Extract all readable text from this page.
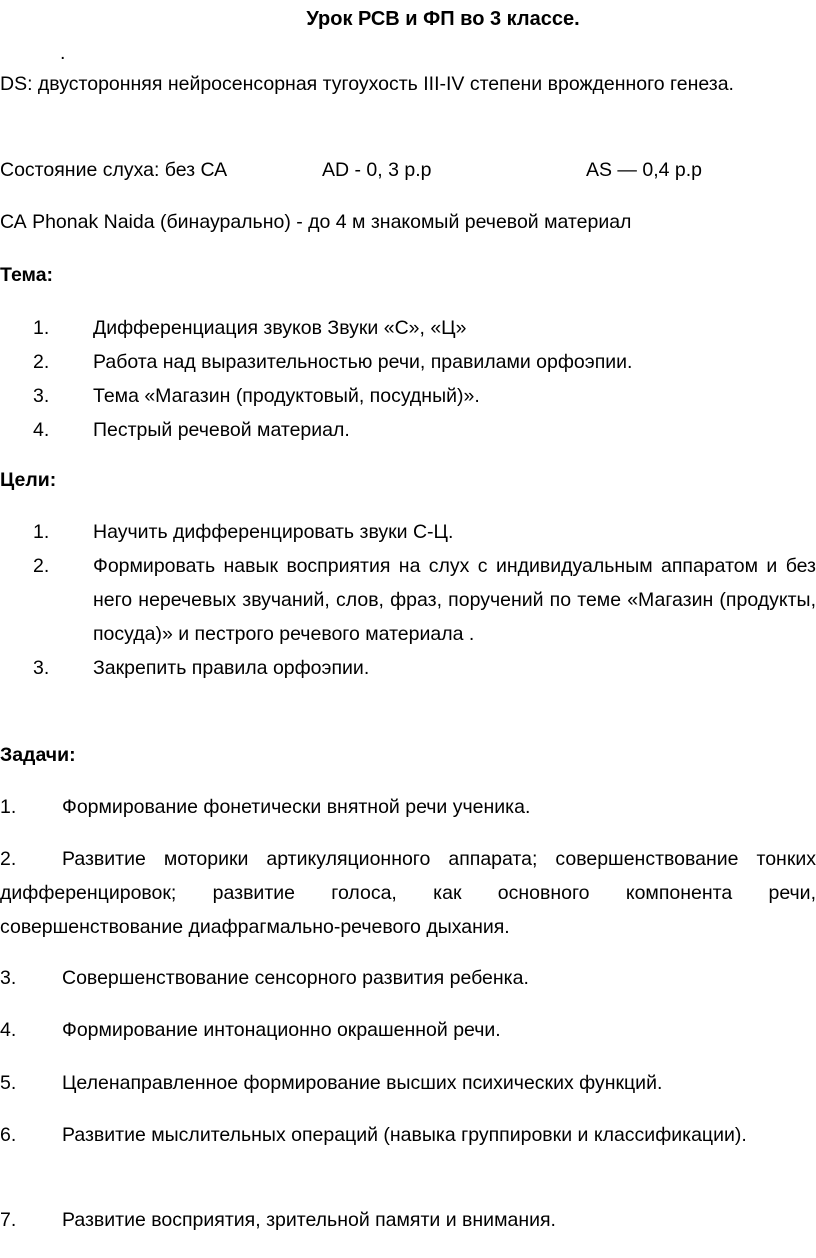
Урок РСВ и ФП во 3 классе.
.
DS: двусторонняя нейросенсорная тугоухость III-IV степени врожденного генеза.
Состояние слуха: без СА	AD - 0, 3 р.р	AS — 0,4 р.р
СА Phonak Naida (бинаурально) - до 4 м знакомый речевой материал
Тема:
1. Дифференциация звуков Звуки «С», «Ц»
2. Работа над выразительностью речи, правилами орфоэпии.
3. Тема «Магазин (продуктовый, посудный)».
4. Пестрый речевой материал.
Цели:
1. Научить дифференцировать звуки С-Ц.
2. Формировать навык восприятия на слух с индивидуальным аппаратом и без него неречевых звучаний, слов, фраз, поручений по теме «Магазин (продукты, посуда)» и пестрого речевого материала .
3. Закрепить правила орфоэпии.
Задачи:
1. Формирование фонетически внятной речи ученика.
2. Развитие моторики артикуляционного аппарата; совершенствование тонких дифференцировок; развитие голоса, как основного компонента речи, совершенствование диафрагмально-речевого дыхания.
3. Совершенствование сенсорного развития ребенка.
4. Формирование интонационно окрашенной речи.
5. Целенаправленное формирование высших психических функций.
6. Развитие мыслительных операций (навыка группировки и классификации).
7. Развитие восприятия, зрительной памяти и внимания.
